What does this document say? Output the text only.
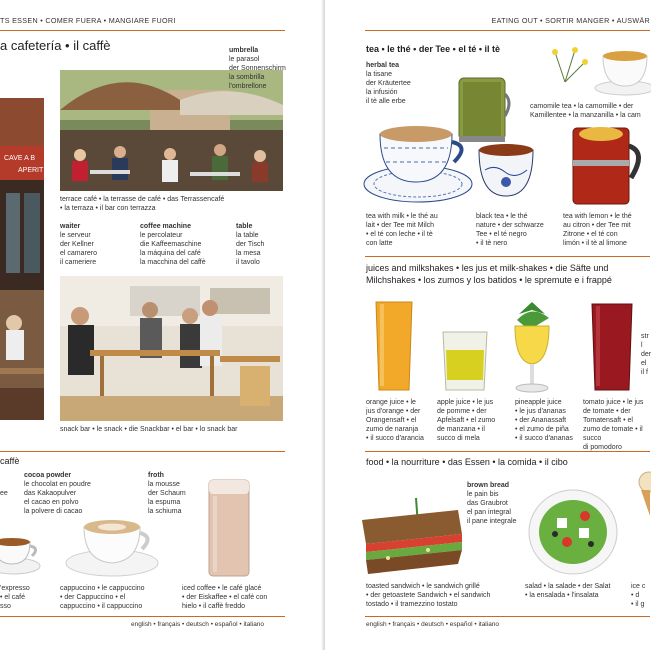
TS ESSEN • COMER FUERA • MANGIARE FUORI
a cafetería • il caffè
CAVE A B
APERIT
umbrella
le parasol
der Sonnenschirm
la sombrilla
l'ombrellone
terrace café • la terrasse de café • das Terrassencafé
• la terraza • il bar con terrazza
waiter
le serveur
der Kellner
el camarero
il cameriere
coffee machine
le percolateur
die Kaffeemaschine
la máquina del café
la macchina del caffè
table
la table
der Tisch
la mesa
il tavolo
snack bar • le snack • die Snackbar • el bar • lo snack bar
caffè
ee
cocoa powder
le chocolat en poudre
das Kakaopulver
el cacao en polvo
la polvere di cacao
froth
la mousse
der Schaum
la espuma
la schiuma
'expresso
• el café
sso
cappuccino • le cappuccino
• der Cappuccino • el
cappuccino • il cappuccino
iced coffee • le café glacé
• der Eiskaffee • el café con
hielo • il caffè freddo
english • français • deutsch • español • italiano
EATING OUT • SORTIR MANGER • AUSWÄR
tea • le thé • der Tee • el té • il tè
herbal tea
la tisane
der Kräutertee
la infusión
il tè alle erbe
camomile tea • la camomille • der
Kamillentee • la manzanilla • la cam
tea with milk • le thé au
lait • der Tee mit Milch
• el té con leche • il tè
con latte
black tea • le thé
nature • der schwarze
Tee • el té negro
• il tè nero
tea with lemon • le thé
au citron • der Tee mit
Zitrone • el té con
limón • il tè al limone
juices and milkshakes • les jus et milk-shakes • die Säfte und
Milchshakes • los zumos y los batidos • le spremute e i frappé
orange juice • le
jus d'orange • der
Orangensaft • el
zumo de naranja
• il succo d'arancia
apple juice • le jus
de pomme • der
Apfelsaft • el zumo
de manzana • il
succo di mela
pineapple juice
• le jus d'ananas
• der Ananassaft
• el zumo de piña
• il succo d'ananas
tomato juice • le jus
de tomate • der
Tomatensaft • el
zumo de tomate • il succo
di pomodoro
str
l
der
el
il f
food • la nourriture • das Essen • la comida • il cibo
brown bread
le pain bis
das Graubrot
el pan integral
il pane integrale
toasted sandwich • le sandwich grillé
• der getoastete Sandwich • el sandwich
tostado • il tramezzino tostato
salad • la salade • der Salat
• la ensalada • l'insalata
ice c
• d
• il g
english • français • deutsch • español • italiano
